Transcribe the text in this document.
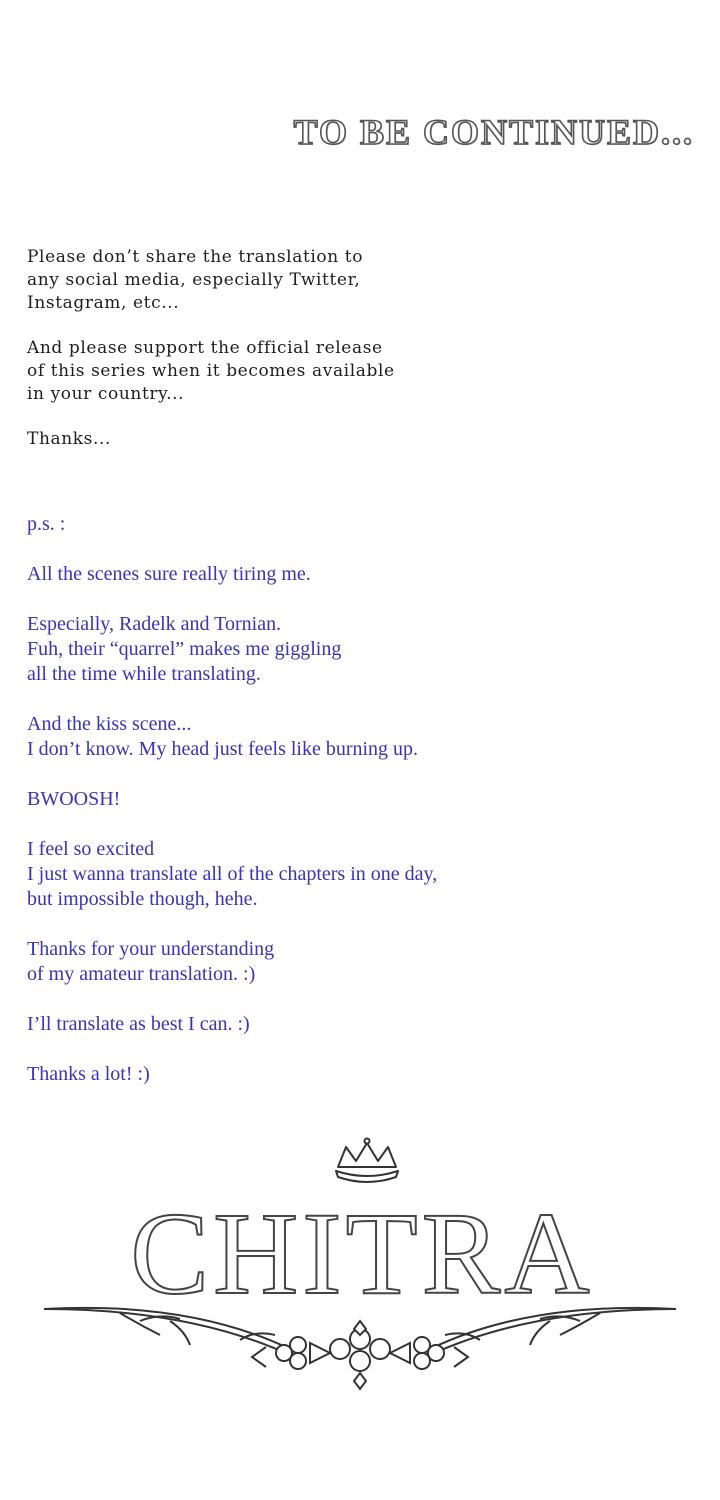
TO BE CONTINUED...

Please don’t share the translation to
any social media, especially Twitter,
Instagram, etc...

And please support the official release
of this series when it becomes available
in your country...

Thanks...

p.s. :

All the scenes sure really tiring me.

Especially, Radelk and Tornian.
Fuh, their “quarrel” makes me giggling
all the time while translating.

And the kiss scene...
I don’t know. My head just feels like burning up.

BWOOSH!

I feel so excited
I just wanna translate all of the chapters in one day,
but impossible though, hehe.

Thanks for your understanding
of my amateur translation. :)

I’ll translate as best I can. :)

Thanks a lot! :)

CHITRA
